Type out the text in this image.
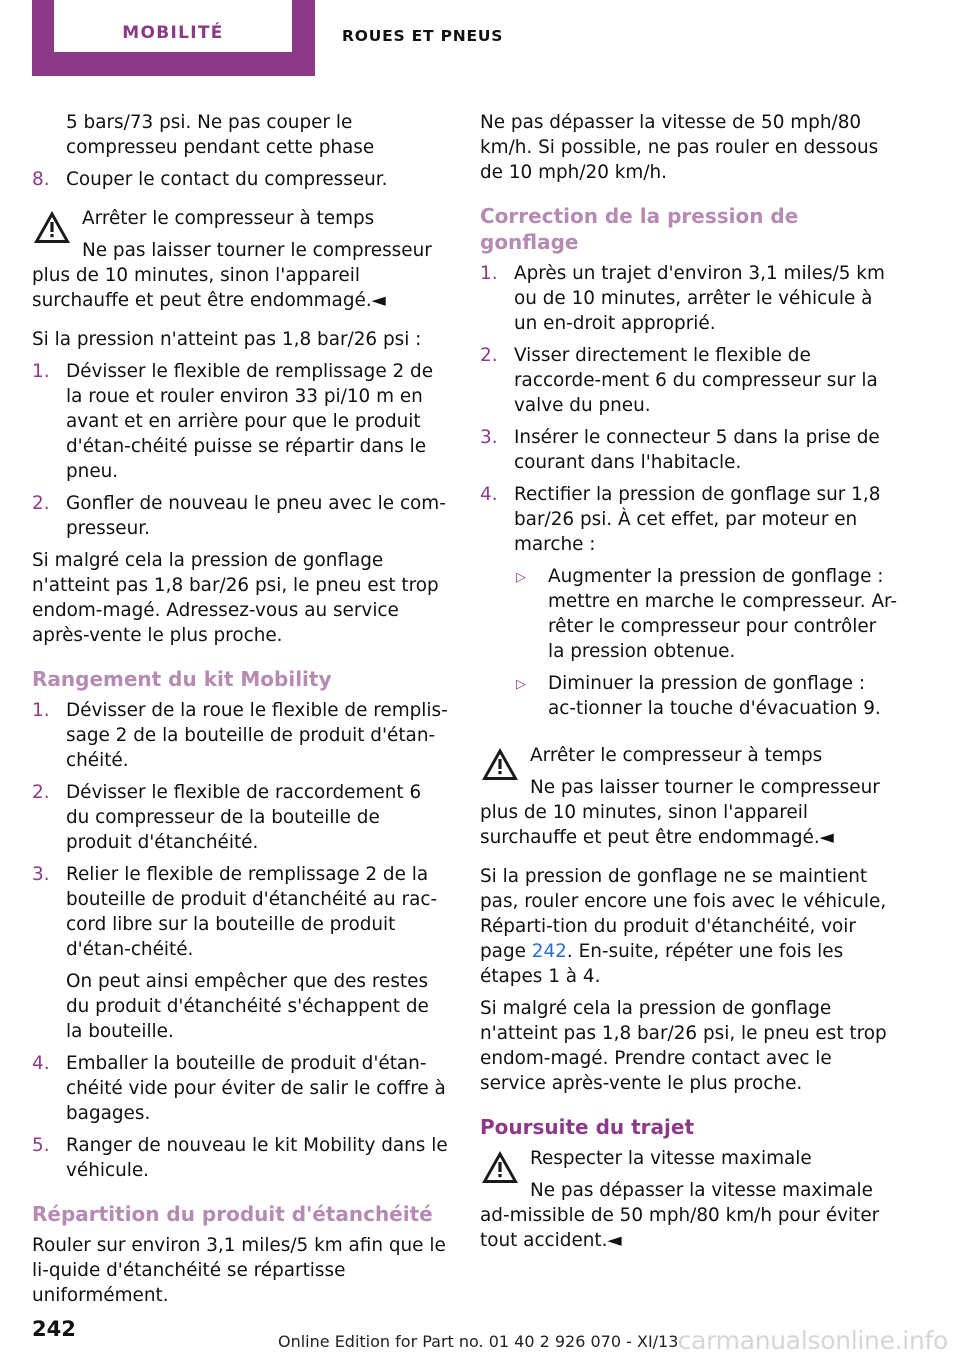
MOBILITÉ	ROUES ET PNEUS
5 bars/73 psi. Ne pas couper le compresseu pendant cette phase
8. Couper le contact du compresseur.
Arrêter le compresseur à temps
Ne pas laisser tourner le compresseur plus de 10 minutes, sinon l'appareil surchauffe et peut être endommagé.◄
Si la pression n'atteint pas 1,8 bar/26 psi :
1. Dévisser le flexible de remplissage 2 de la roue et rouler environ 33 pi/10 m en avant et en arrière pour que le produit d'étan-chéité puisse se répartir dans le pneu.
2. Gonfler de nouveau le pneu avec le com-presseur.
Si malgré cela la pression de gonflage n'atteint pas 1,8 bar/26 psi, le pneu est trop endom-magé. Adressez-vous au service après-vente le plus proche.
Rangement du kit Mobility
1. Dévisser de la roue le flexible de remplis-sage 2 de la bouteille de produit d'étan-chéité.
2. Dévisser le flexible de raccordement 6 du compresseur de la bouteille de produit d'étanchéité.
3. Relier le flexible de remplissage 2 de la bouteille de produit d'étanchéité au rac-cord libre sur la bouteille de produit d'étan-chéité.
On peut ainsi empêcher que des restes du produit d'étanchéité s'échappent de la bouteille.
4. Emballer la bouteille de produit d'étan-chéité vide pour éviter de salir le coffre à bagages.
5. Ranger de nouveau le kit Mobility dans le véhicule.
Répartition du produit d'étanchéité
Rouler sur environ 3,1 miles/5 km afin que le li-quide d'étanchéité se répartisse uniformément.
Ne pas dépasser la vitesse de 50 mph/80 km/h. Si possible, ne pas rouler en dessous de 10 mph/20 km/h.
Correction de la pression de gonflage
1. Après un trajet d'environ 3,1 miles/5 km ou de 10 minutes, arrêter le véhicule à un en-droit approprié.
2. Visser directement le flexible de raccorde-ment 6 du compresseur sur la valve du pneu.
3. Insérer le connecteur 5 dans la prise de courant dans l'habitacle.
4. Rectifier la pression de gonflage sur 1,8 bar/26 psi. À cet effet, par moteur en marche :
▷ Augmenter la pression de gonflage : mettre en marche le compresseur. Ar-rêter le compresseur pour contrôler la pression obtenue.
▷ Diminuer la pression de gonflage : ac-tionner la touche d'évacuation 9.
Arrêter le compresseur à temps
Ne pas laisser tourner le compresseur plus de 10 minutes, sinon l'appareil surchauffe et peut être endommagé.◄
Si la pression de gonflage ne se maintient pas, rouler encore une fois avec le véhicule, Réparti-tion du produit d'étanchéité, voir page 242. En-suite, répéter une fois les étapes 1 à 4.
Si malgré cela la pression de gonflage n'atteint pas 1,8 bar/26 psi, le pneu est trop endom-magé. Prendre contact avec le service après-vente le plus proche.
Poursuite du trajet
Respecter la vitesse maximale
Ne pas dépasser la vitesse maximale ad-missible de 50 mph/80 km/h pour éviter tout accident.◄
242
Online Edition for Part no. 01 40 2 926 070 - XI/13 carmanualsonline.info
